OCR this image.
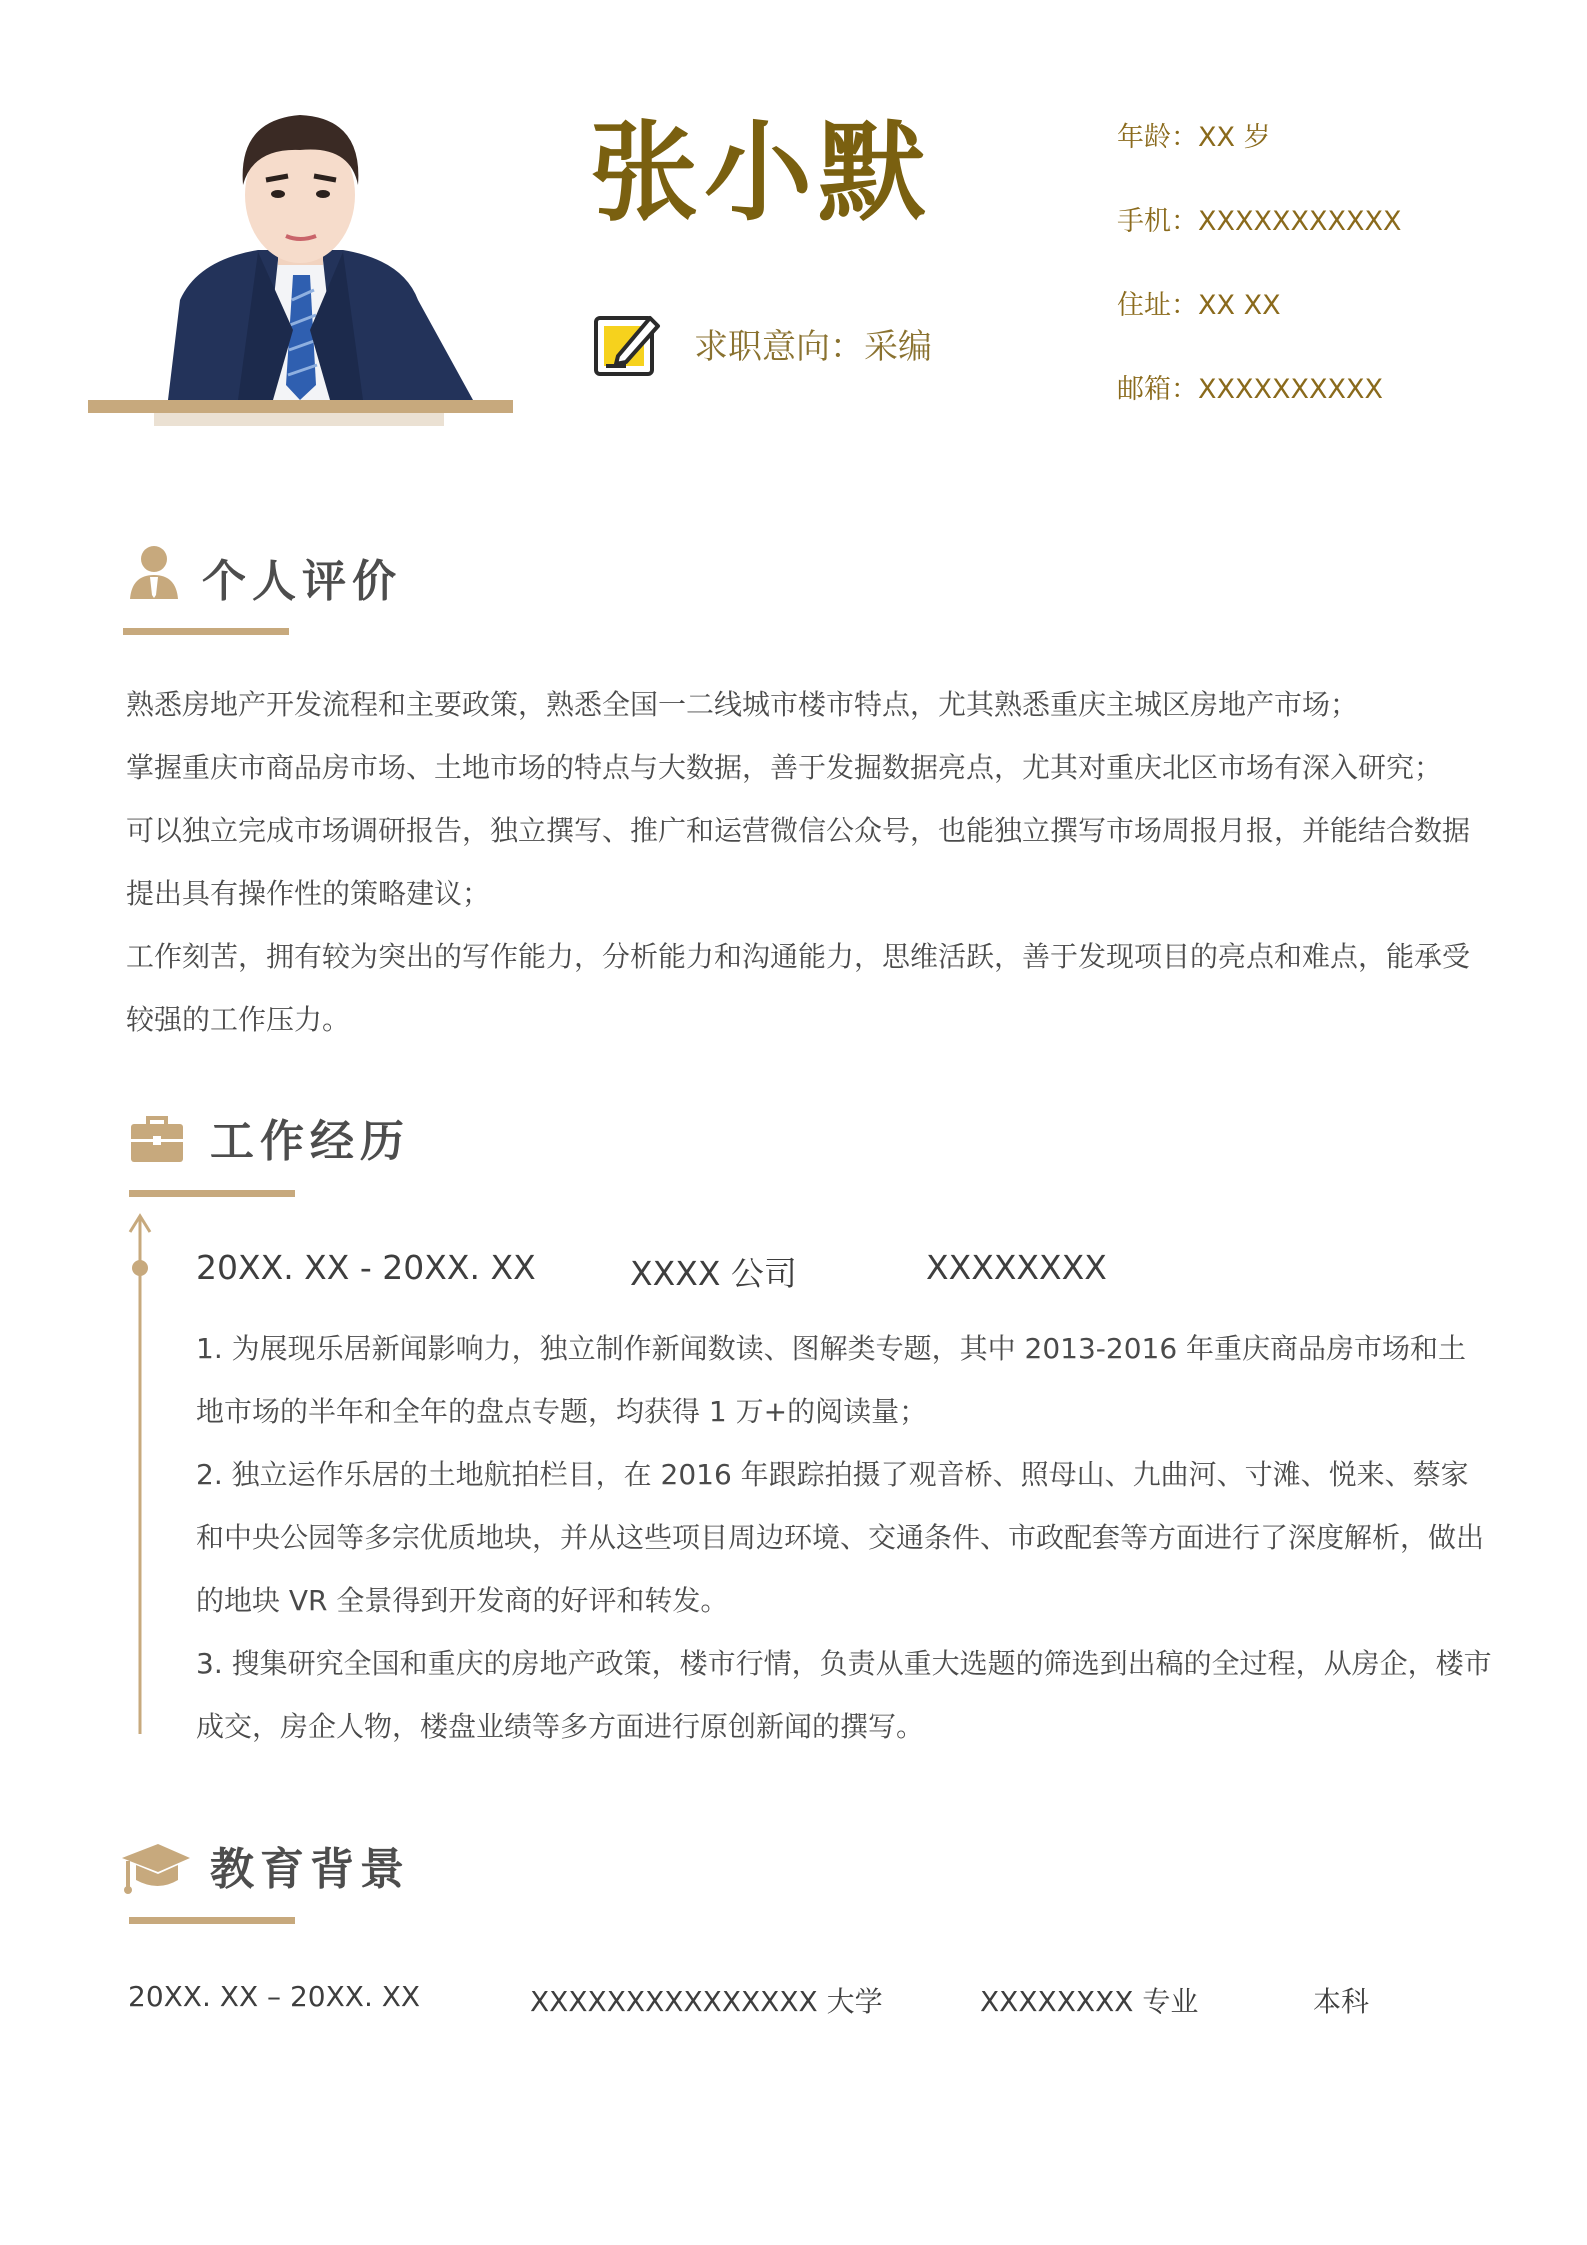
张小默
求职意向：采编
年龄：XX 岁
手机：XXXXXXXXXXX
住址：XX XX
邮箱：XXXXXXXXXX
个人评价

熟悉房地产开发流程和主要政策，熟悉全国一二线城市楼市特点，尤其熟悉重庆主城区房地产市场；

掌握重庆市商品房市场、土地市场的特点与大数据，善于发掘数据亮点，尤其对重庆北区市场有深入研究；

可以独立完成市场调研报告，独立撰写、推广和运营微信公众号，也能独立撰写市场周报月报，并能结合数据提出具有操作性的策略建议；

工作刻苦，拥有较为突出的写作能力，分析能力和沟通能力，思维活跃，善于发现项目的亮点和难点，能承受较强的工作压力。

工作经历
20XX. XX - 20XX. XX	XXXX 公司	XXXXXXXX

1. 为展现乐居新闻影响力，独立制作新闻数读、图解类专题，其中 2013-2016 年重庆商品房市场和土地市场的半年和全年的盘点专题，均获得 1 万+的阅读量；

2. 独立运作乐居的土地航拍栏目，在 2016 年跟踪拍摄了观音桥、照母山、九曲河、寸滩、悦来、蔡家和中央公园等多宗优质地块，并从这些项目周边环境、交通条件、市政配套等方面进行了深度解析，做出的地块 VR 全景得到开发商的好评和转发。

3. 搜集研究全国和重庆的房地产政策，楼市行情，负责从重大选题的筛选到出稿的全过程，从房企，楼市成交，房企人物，楼盘业绩等多方面进行原创新闻的撰写。

教育背景
20XX. XX – 20XX. XX	XXXXXXXXXXXXXXX 大学	XXXXXXXX 专业	本科
